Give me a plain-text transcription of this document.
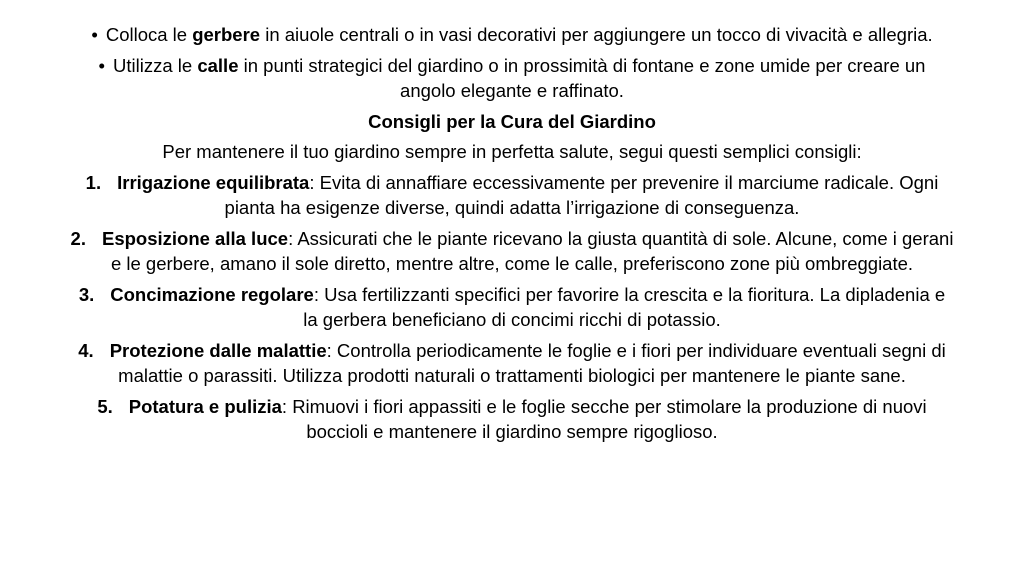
• Colloca le gerbere in aiuole centrali o in vasi decorativi per aggiungere un tocco di vivacità e allegria.

• Utilizza le calle in punti strategici del giardino o in prossimità di fontane e zone umide per creare un angolo elegante e raffinato.

Consigli per la Cura del Giardino

Per mantenere il tuo giardino sempre in perfetta salute, segui questi semplici consigli:

1. Irrigazione equilibrata: Evita di annaffiare eccessivamente per prevenire il marciume radicale. Ogni pianta ha esigenze diverse, quindi adatta l’irrigazione di conseguenza.

2. Esposizione alla luce: Assicurati che le piante ricevano la giusta quantità di sole. Alcune, come i gerani e le gerbere, amano il sole diretto, mentre altre, come le calle, preferiscono zone più ombreggiate.

3. Concimazione regolare: Usa fertilizzanti specifici per favorire la crescita e la fioritura. La dipladenia e la gerbera beneficiano di concimi ricchi di potassio.

4. Protezione dalle malattie: Controlla periodicamente le foglie e i fiori per individuare eventuali segni di malattie o parassiti. Utilizza prodotti naturali o trattamenti biologici per mantenere le piante sane.

5. Potatura e pulizia: Rimuovi i fiori appassiti e le foglie secche per stimolare la produzione di nuovi boccioli e mantenere il giardino sempre rigoglioso.
